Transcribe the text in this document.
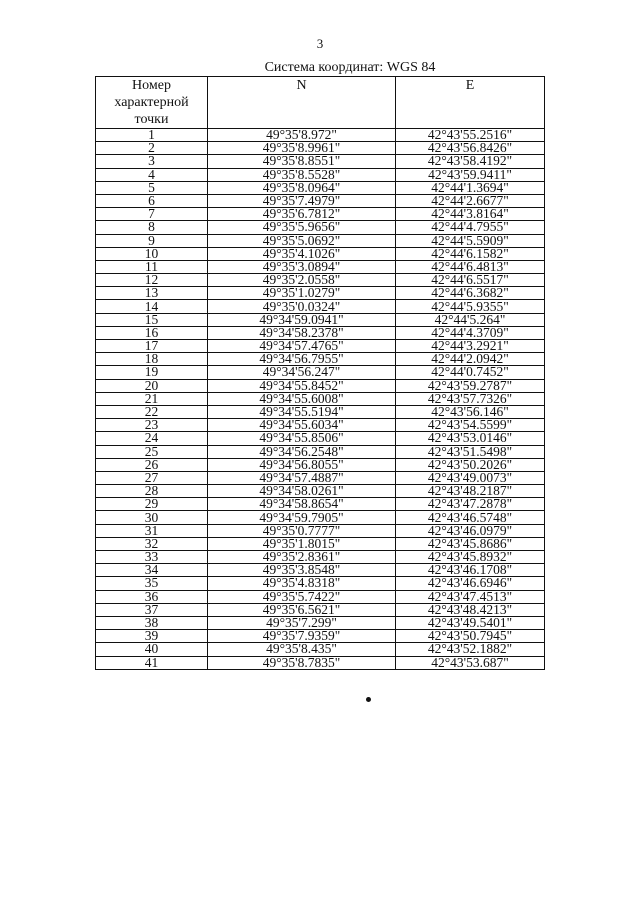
3
Система координат: WGS 84
Номер характерной точки	N	E
1	49°35'8.972"	42°43'55.2516"
2	49°35'8.9961"	42°43'56.8426"
3	49°35'8.8551"	42°43'58.4192"
4	49°35'8.5528"	42°43'59.9411"
5	49°35'8.0964"	42°44'1.3694"
6	49°35'7.4979"	42°44'2.6677"
7	49°35'6.7812"	42°44'3.8164"
8	49°35'5.9656"	42°44'4.7955"
9	49°35'5.0692"	42°44'5.5909"
10	49°35'4.1026"	42°44'6.1582"
11	49°35'3.0894"	42°44'6.4813"
12	49°35'2.0558"	42°44'6.5517"
13	49°35'1.0279"	42°44'6.3682"
14	49°35'0.0324"	42°44'5.9355"
15	49°34'59.0941"	42°44'5.264"
16	49°34'58.2378"	42°44'4.3709"
17	49°34'57.4765"	42°44'3.2921"
18	49°34'56.7955"	42°44'2.0942"
19	49°34'56.247"	42°44'0.7452"
20	49°34'55.8452"	42°43'59.2787"
21	49°34'55.6008"	42°43'57.7326"
22	49°34'55.5194"	42°43'56.146"
23	49°34'55.6034"	42°43'54.5599"
24	49°34'55.8506"	42°43'53.0146"
25	49°34'56.2548"	42°43'51.5498"
26	49°34'56.8055"	42°43'50.2026"
27	49°34'57.4887"	42°43'49.0073"
28	49°34'58.0261"	42°43'48.2187"
29	49°34'58.8654"	42°43'47.2878"
30	49°34'59.7905"	42°43'46.5748"
31	49°35'0.7777"	42°43'46.0979"
32	49°35'1.8015"	42°43'45.8686"
33	49°35'2.8361"	42°43'45.8932"
34	49°35'3.8548"	42°43'46.1708"
35	49°35'4.8318"	42°43'46.6946"
36	49°35'5.7422"	42°43'47.4513"
37	49°35'6.5621"	42°43'48.4213"
38	49°35'7.299"	42°43'49.5401"
39	49°35'7.9359"	42°43'50.7945"
40	49°35'8.435"	42°43'52.1882"
41	49°35'8.7835"	42°43'53.687"
